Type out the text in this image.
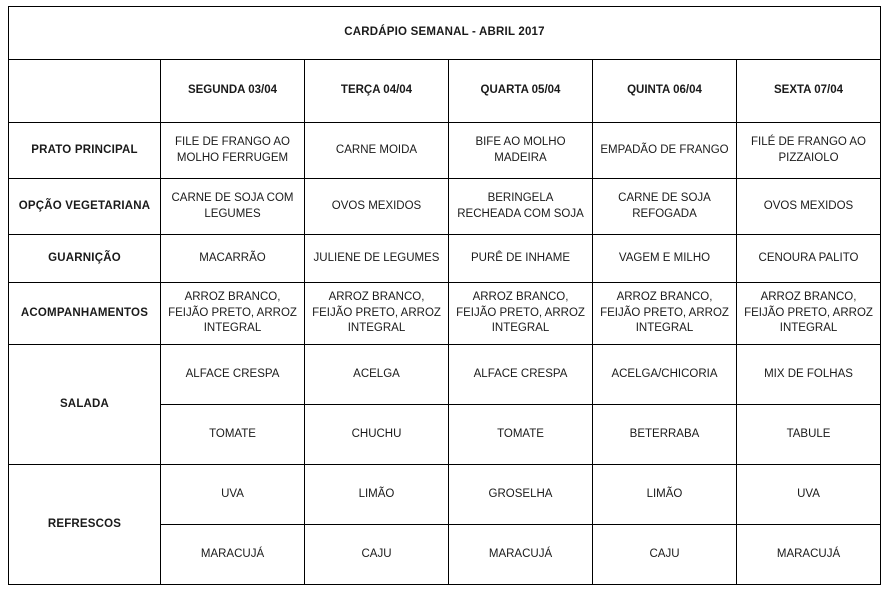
CARDÁPIO SEMANAL - ABRIL 2017					
	SEGUNDA 03/04	TERÇA 04/04	QUARTA 05/04	QUINTA 06/04	SEXTA 07/04
PRATO PRINCIPAL	FILE DE FRANGO AO MOLHO FERRUGEM	CARNE MOIDA	BIFE AO MOLHO MADEIRA	EMPADÃO DE FRANGO	FILÉ DE FRANGO AO PIZZAIOLO
OPÇÃO VEGETARIANA	CARNE DE SOJA COM LEGUMES	OVOS MEXIDOS	BERINGELA RECHEADA COM SOJA	CARNE DE SOJA REFOGADA	OVOS MEXIDOS
GUARNIÇÃO	MACARRÃO	JULIENE DE LEGUMES	PURÊ DE INHAME	VAGEM E MILHO	CENOURA PALITO
ACOMPANHAMENTOS	ARROZ BRANCO, FEIJÃO PRETO, ARROZ INTEGRAL	ARROZ BRANCO, FEIJÃO PRETO, ARROZ INTEGRAL	ARROZ BRANCO, FEIJÃO PRETO, ARROZ INTEGRAL	ARROZ BRANCO, FEIJÃO PRETO, ARROZ INTEGRAL	ARROZ BRANCO, FEIJÃO PRETO, ARROZ INTEGRAL
SALADA	ALFACE CRESPA	ACELGA	ALFACE CRESPA	ACELGA/CHICORIA	MIX DE FOLHAS
	TOMATE	CHUCHU	TOMATE	BETERRABA	TABULE
REFRESCOS	UVA	LIMÃO	GROSELHA	LIMÃO	UVA
	MARACUJÁ	CAJU	MARACUJÁ	CAJU	MARACUJÁ
